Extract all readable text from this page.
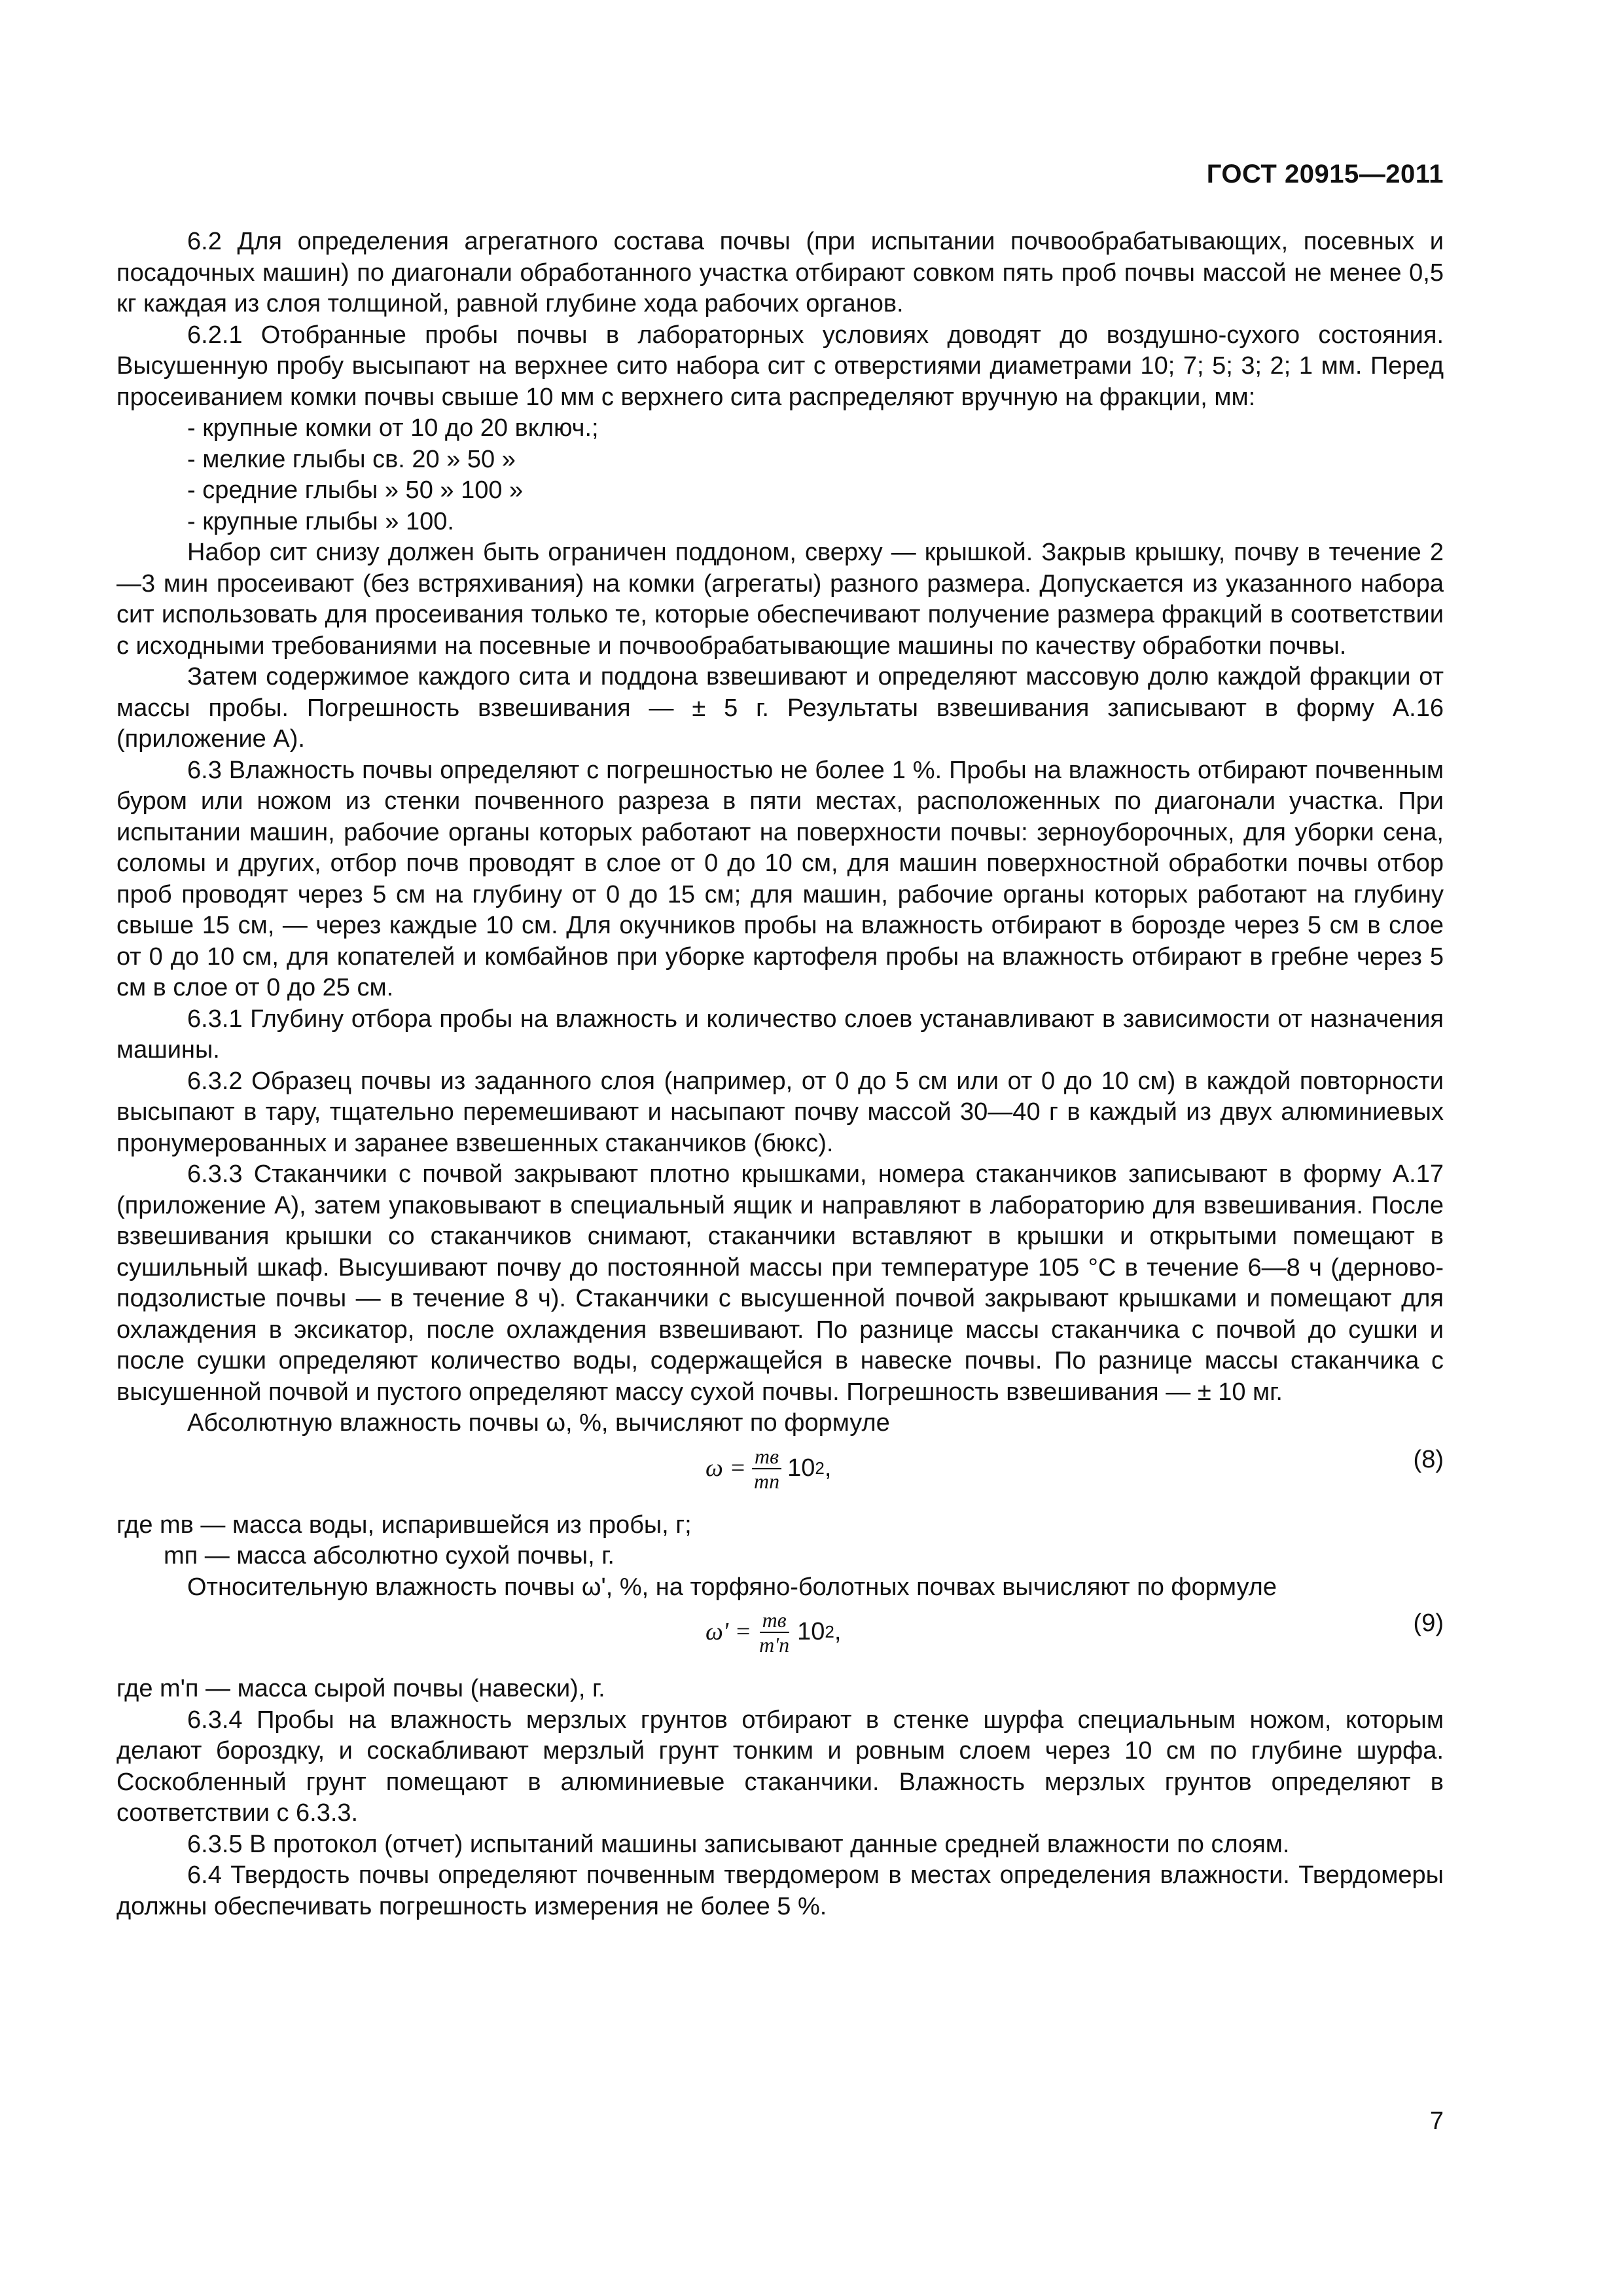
ГОСТ 20915—2011

6.2 Для определения агрегатного состава почвы (при испытании почвообрабатывающих, посевных и посадочных машин) по диагонали обработанного участка отбирают совком пять проб почвы массой не менее 0,5 кг каждая из слоя толщиной, равной глубине хода рабочих органов.

6.2.1 Отобранные пробы почвы в лабораторных условиях доводят до воздушно-сухого состояния. Высушенную пробу высыпают на верхнее сито набора сит с отверстиями диаметрами 10; 7; 5; 3; 2; 1 мм. Перед просеиванием комки почвы свыше 10 мм с верхнего сита распределяют вручную на фракции, мм:

- крупные комки от 10 до 20 включ.;

- мелкие глыбы св. 20 » 50 »

- средние глыбы » 50 » 100 »

- крупные глыбы » 100.

Набор сит снизу должен быть ограничен поддоном, сверху — крышкой. Закрыв крышку, почву в течение 2—3 мин просеивают (без встряхивания) на комки (агрегаты) разного размера. Допускается из указанного набора сит использовать для просеивания только те, которые обеспечивают получение размера фракций в соответствии с исходными требованиями на посевные и почвообрабатывающие машины по качеству обработки почвы.

Затем содержимое каждого сита и поддона взвешивают и определяют массовую долю каждой фракции от массы пробы. Погрешность взвешивания — ± 5 г. Результаты взвешивания записывают в форму А.16 (приложение А).

6.3 Влажность почвы определяют с погрешностью не более 1 %. Пробы на влажность отбирают почвенным буром или ножом из стенки почвенного разреза в пяти местах, расположенных по диагонали участка. При испытании машин, рабочие органы которых работают на поверхности почвы: зерноуборочных, для уборки сена, соломы и других, отбор почв проводят в слое от 0 до 10 см, для машин поверхностной обработки почвы отбор проб проводят через 5 см на глубину от 0 до 15 см; для машин, рабочие органы которых работают на глубину свыше 15 см, — через каждые 10 см. Для окучников пробы на влажность отбирают в борозде через 5 см в слое от 0 до 10 см, для копателей и комбайнов при уборке картофеля пробы на влажность отбирают в гребне через 5 см в слое от 0 до 25 см.

6.3.1 Глубину отбора пробы на влажность и количество слоев устанавливают в зависимости от назначения машины.

6.3.2 Образец почвы из заданного слоя (например, от 0 до 5 см или от 0 до 10 см) в каждой повторности высыпают в тару, тщательно перемешивают и насыпают почву массой 30—40 г в каждый из двух алюминиевых пронумерованных и заранее взвешенных стаканчиков (бюкс).

6.3.3 Стаканчики с почвой закрывают плотно крышками, номера стаканчиков записывают в форму А.17 (приложение А), затем упаковывают в специальный ящик и направляют в лабораторию для взвешивания. После взвешивания крышки со стаканчиков снимают, стаканчики вставляют в крышки и открытыми помещают в сушильный шкаф. Высушивают почву до постоянной массы при температуре 105 °С в течение 6—8 ч (дерново-подзолистые почвы — в течение 8 ч). Стаканчики с высушенной почвой закрывают крышками и помещают для охлаждения в эксикатор, после охлаждения взвешивают. По разнице массы стаканчика с почвой до сушки и после сушки определяют количество воды, содержащейся в навеске почвы. По разнице массы стаканчика с высушенной почвой и пустого определяют массу сухой почвы. Погрешность взвешивания — ± 10 мг.

Абсолютную влажность почвы ω, %, вычисляют по формуле

$\omega = \frac{mв}{mп} 10$ 2 ,	(8)

где mв — масса воды, испарившейся из пробы, г;

mп — масса абсолютно сухой почвы, г.

Относительную влажность почвы ω', %, на торфяно-болотных почвах вычисляют по формуле

$\omega' = \frac{mв}{m'п} 10$ 2 ,	(9)

где m'п — масса сырой почвы (навески), г.

6.3.4 Пробы на влажность мерзлых грунтов отбирают в стенке шурфа специальным ножом, которым делают бороздку, и соскабливают мерзлый грунт тонким и ровным слоем через 10 см по глубине шурфа. Соскобленный грунт помещают в алюминиевые стаканчики. Влажность мерзлых грунтов определяют в соответствии с 6.3.3.

6.3.5 В протокол (отчет) испытаний машины записывают данные средней влажности по слоям.

6.4 Твердость почвы определяют почвенным твердомером в местах определения влажности. Твердомеры должны обеспечивать погрешность измерения не более 5 %.

7
